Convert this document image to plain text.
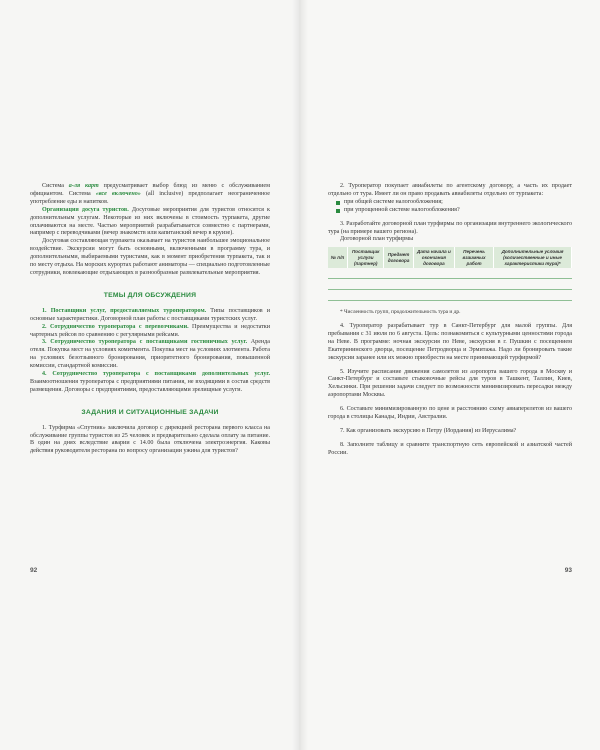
Система а-ля карт предусматривает выбор блюд из меню с обслуживанием официантом. Система «все включено» (all inclusive) предполагает неограниченное употребление еды и напитков.

Организация досуга туристов. Досуговые мероприятия для туристов относятся к дополнительным услугам. Некоторые из них включены в стоимость турпакета, другие оплачиваются на месте. Частью мероприятий разрабатывается совместно с партнерами, например с переводчиками (вечер знакомств или капитанский вечер в круизе).

Досуговая составляющая турпакета оказывает на туристов наибольшее эмоциональное воздействие. Экскурсии могут быть основными, включенными в программу тура, и дополнительными, выбираемыми туристами, как в момент приобретения турпакета, так и по месту отдыха. На морских курортах работают аниматоры — специально подготовленные сотрудники, вовлекающие отдыхающих в разнообразные развлекательные мероприятия.

ТЕМЫ ДЛЯ ОБСУЖДЕНИЯ

1. Поставщики услуг, предоставляемых туроператором. Типы поставщиков и основные характеристики. Договорной план работы с поставщиками туристских услуг.

2. Сотрудничество туроператора с перевозчиками. Преимущества и недостатки чартерных рейсов по сравнению с регулярными рейсами.

3. Сотрудничество туроператора с поставщиками гостиничных услуг. Аренда отеля. Покупка мест на условиях комитмента. Покупка мест на условиях элотмента. Работа на условиях безотзывного бронирования, приоритетного бронирования, повышенной комиссии, стандартной комиссии.

4. Сотрудничество туроператора с поставщиками дополнительных услуг. Взаимоотношения туроператора с предприятиями питания, не входящими в состав средств размещения. Договоры с предприятиями, предоставляющими зрелищные услуги.

ЗАДАНИЯ И СИТУАЦИОННЫЕ ЗАДАЧИ

1. Турфирма «Спутник» заключила договор с дирекцией ресторана первого класса на обслуживание группы туристов из 25 человек и предварительно сделала оплату за питание. В один на днях вследствие аварии с 14.00 была отключена электроэнергия. Каковы действия руководителя ресторана по вопросу организации ужина для туристов?

92

2. Туроператор покупает авиабилеты по агентскому договору, а часть их продает отдельно от тура. Имеет ли он право продавать авиабилеты отдельно от турпакета:

при общей системе налогообложения;

при упрощенной системе налогообложения?

3. Разработайте договорной план турфирмы по организации внутреннего экологического тура (на примере вашего региона).

Договорной план турфирмы

№ п/п	Поставщик услуги (партнер)	Предмет договора	Дата начала и окончания договора	Перечень взаимных работ	Дополнительные условия (количественные и иные характеристики тура)*

* Численность групп, продолжительность тура и др.

4. Туроператор разрабатывает тур в Санкт-Петербург для малой группы. Для пребывания с 31 июля по 6 августа. Цель: познакомиться с культурными ценностями города на Неве. В программе: ночная экскурсия по Неве, экскурсия в г. Пушкин с посещением Екатерининского дворца, посещение Петродворца и Эрмитажа. Надо ли бронировать такие экскурсии заранее или их можно приобрести на месте принимающей турфирмой?

5. Изучите расписание движения самолетов из аэропорта вашего города в Москву и Санкт-Петербург и составьте стыковочные рейсы для туров в Ташкент, Таллин, Киев, Хельсинки. При решении задачи следует по возможности минимизировать пересадки между аэропортами Москвы.

6. Составьте минимизированную по цене и расстоянию схему авиаперелетов из вашего города в столицы Канады, Индии, Австралии.

7. Как организовать экскурсию в Петру (Иордания) из Иерусалима?

8. Заполните таблицу и сравните транспортную сеть европейской и азиатской частей России.

93
